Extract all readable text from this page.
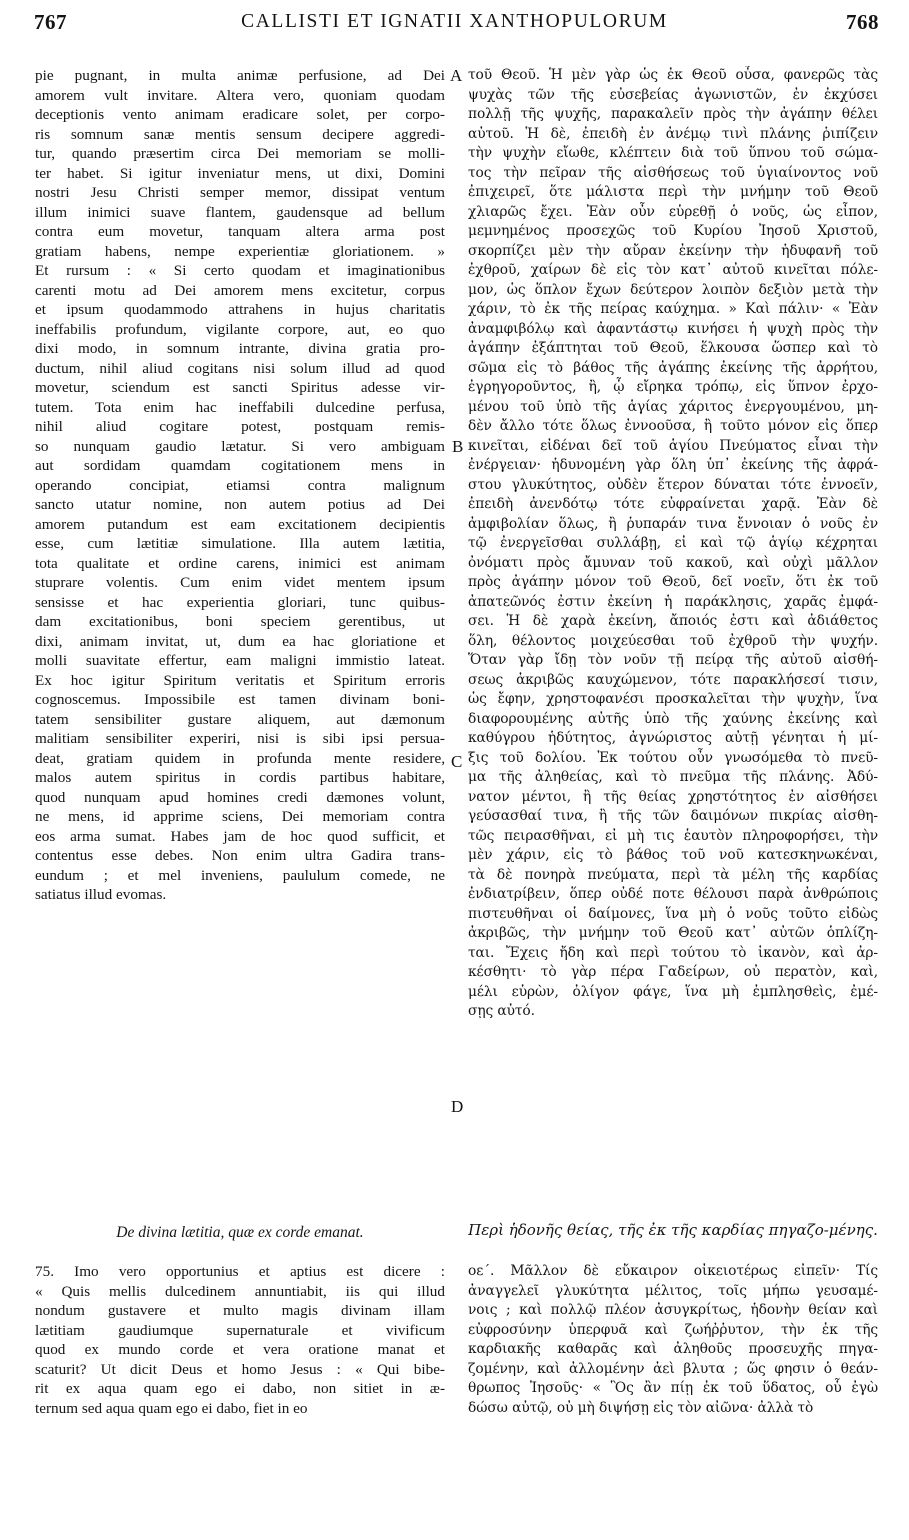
767	CALLISTI ET IGNATII XANTHOPULORUM	768
A
B
C
D
pie pugnant, in multa animæ perfusione, ad Dei
amorem vult invitare. Altera vero, quoniam quodam
deceptionis vento animam eradicare solet, per corpo-
ris somnum sanæ mentis sensum decipere aggredi-
tur, quando præsertim circa Dei memoriam se molli-
ter habet. Si igitur inveniatur mens, ut dixi, Domini
nostri Jesu Christi semper memor, dissipat ventum
illum inimici suave flantem, gaudensque ad bellum
contra eum movetur, tanquam altera arma post
gratiam habens, nempe experientiæ gloriationem. »
Et rursum : « Si certo quodam et imaginationibus
carenti motu ad Dei amorem mens excitetur, corpus
et ipsum quodammodo attrahens in hujus charitatis
ineffabilis profundum, vigilante corpore, aut, eo quo
dixi modo, in somnum intrante, divina gratia pro-
ductum, nihil aliud cogitans nisi solum illud ad quod
movetur, sciendum est sancti Spiritus adesse vir-
tutem. Tota enim hac ineffabili dulcedine perfusa,
nihil aliud cogitare potest, postquam remis-
so nunquam gaudio lætatur. Si vero ambiguam
aut sordidam quamdam cogitationem mens in
operando concipiat, etiamsi contra malignum
sancto utatur nomine, non autem potius ad Dei
amorem putandum est eam excitationem decipientis
esse, cum lætitiæ simulatione. Illa autem lætitia,
tota qualitate et ordine carens, inimici est animam
stuprare volentis. Cum enim videt mentem ipsum
sensisse et hac experientia gloriari, tunc quibus-
dam excitationibus, boni speciem gerentibus, ut
dixi, animam invitat, ut, dum ea hac gloriatione et
molli suavitate effertur, eam maligni immistio lateat.
Ex hoc igitur Spiritum veritatis et Spiritum erroris
cognoscemus. Impossibile est tamen divinam boni-
tatem sensibiliter gustare aliquem, aut dæmonum
malitiam sensibiliter experiri, nisi is sibi ipsi persua-
deat, gratiam quidem in profunda mente residere,
malos autem spiritus in cordis partibus habitare,
quod nunquam apud homines credi dæmones volunt,
ne mens, id apprime sciens, Dei memoriam contra
eos arma sumat. Habes jam de hoc quod sufficit, et
contentus esse debes. Non enim ultra Gadira trans-
eundum ; et mel inveniens, paululum comede, ne
satiatus illud evomas.
De divina lætitia, quæ ex corde emanat.
75. Imo vero opportunius et aptius est dicere :
« Quis mellis dulcedinem annuntiabit, iis qui illud
nondum gustavere et multo magis divinam illam
lætitiam gaudiumque supernaturale et vivificum
quod ex mundo corde et vera oratione manat et
scaturit? Ut dicit Deus et homo Jesus : « Qui bibe-
rit ex aqua quam ego ei dabo, non sitiet in æ-
ternum sed aqua quam ego ei dabo, fiet in eo
τοῦ Θεοῦ. Ἡ μὲν γὰρ ὡς ἐκ Θεοῦ οὖσα, φανερῶς τὰς
ψυχὰς τῶν τῆς εὐσεβείας ἀγωνιστῶν, ἐν ἐκχύσει
πολλῇ τῆς ψυχῆς, παρακαλεῖν πρὸς τὴν ἀγάπην θέλει
αὐτοῦ. Ἡ δὲ, ἐπειδὴ ἐν ἀνέμῳ τινὶ πλάνης ῥιπίζειν
τὴν ψυχὴν εἴωθε, κλέπτειν διὰ τοῦ ὕπνου τοῦ σώμα-
τος τὴν πεῖραν τῆς αἰσθήσεως τοῦ ὑγιαίνοντος νοῦ
ἐπιχειρεῖ, ὅτε μάλιστα περὶ τὴν μνήμην τοῦ Θεοῦ
χλιαρῶς ἔχει. Ἐὰν οὖν εὑρεθῇ ὁ νοῦς, ὡς εἶπον,
μεμνημένος προσεχῶς τοῦ Κυρίου Ἰησοῦ Χριστοῦ,
σκορπίζει μὲν τὴν αὔραν ἐκείνην τὴν ἡδυφανῆ τοῦ
ἐχθροῦ, χαίρων δὲ εἰς τὸν κατ᾽ αὐτοῦ κινεῖται πόλε-
μον, ὡς ὅπλον ἔχων δεύτερον λοιπὸν δεξιὸν μετὰ τὴν
χάριν, τὸ ἐκ τῆς πείρας καύχημα. » Καὶ πάλιν· « Ἐὰν
ἀναμφιβόλῳ καὶ ἀφαντάστῳ κινήσει ἡ ψυχὴ πρὸς τὴν
ἀγάπην ἐξάπτηται τοῦ Θεοῦ, ἕλκουσα ὥσπερ καὶ τὸ
σῶμα εἰς τὸ βάθος τῆς ἀγάπης ἐκείνης τῆς ἀρρήτου,
ἐγρηγοροῦντος, ἢ, ᾧ εἴρηκα τρόπῳ, εἰς ὕπνον ἐρχο-
μένου τοῦ ὑπὸ τῆς ἁγίας χάριτος ἐνεργουμένου, μη-
δὲν ἄλλο τότε ὅλως ἐννοοῦσα, ἢ τοῦτο μόνον εἰς ὅπερ
κινεῖται, εἰδέναι δεῖ τοῦ ἁγίου Πνεύματος εἶναι τὴν
ἐνέργειαν· ἡδυνομένη γὰρ ὅλη ὑπ᾽ ἐκείνης τῆς ἀφρά-
στου γλυκύτητος, οὐδὲν ἕτερον δύναται τότε ἐννοεῖν,
ἐπειδὴ ἀνενδότῳ τότε εὐφραίνεται χαρᾷ. Ἐὰν δὲ
ἀμφιβολίαν ὅλως, ἢ ῥυπαράν τινα ἔννοιαν ὁ νοῦς ἐν
τῷ ἐνεργεῖσθαι συλλάβῃ, εἰ καὶ τῷ ἁγίῳ κέχρηται
ὀνόματι πρὸς ἄμυναν τοῦ κακοῦ, καὶ οὐχὶ μᾶλλον
πρὸς ἀγάπην μόνον τοῦ Θεοῦ, δεῖ νοεῖν, ὅτι ἐκ τοῦ
ἀπατεῶνός ἐστιν ἐκείνη ἡ παράκλησις, χαρᾶς ἐμφά-
σει. Ἡ δὲ χαρὰ ἐκείνη, ἄποιός ἐστι καὶ ἀδιάθετος
ὅλη, θέλοντος μοιχεύεσθαι τοῦ ἐχθροῦ τὴν ψυχήν.
Ὅταν γὰρ ἴδῃ τὸν νοῦν τῇ πείρᾳ τῆς αὐτοῦ αἰσθή-
σεως ἀκριβῶς καυχώμενον, τότε παρακλήσεσί τισιν,
ὡς ἔφην, χρηστοφανέσι προσκαλεῖται τὴν ψυχὴν, ἵνα
διαφορουμένης αὐτῆς ὑπὸ τῆς χαύνης ἐκείνης καὶ
καθύγρου ἡδύτητος, ἀγνώριστος αὐτῇ γένηται ἡ μί-
ξις τοῦ δολίου. Ἐκ τούτου οὖν γνωσόμεθα τὸ πνεῦ-
μα τῆς ἀληθείας, καὶ τὸ πνεῦμα τῆς πλάνης. Ἀδύ-
νατον μέντοι, ἢ τῆς θείας χρηστότητος ἐν αἰσθήσει
γεύσασθαί τινα, ἢ τῆς τῶν δαιμόνων πικρίας αἰσθη-
τῶς πειρασθῆναι, εἰ μὴ τις ἑαυτὸν πληροφορήσει, τὴν
μὲν χάριν, εἰς τὸ βάθος τοῦ νοῦ κατεσκηνωκέναι,
τὰ δὲ πονηρὰ πνεύματα, περὶ τὰ μέλη τῆς καρδίας
ἐνδιατρίβειν, ὅπερ οὐδέ ποτε θέλουσι παρὰ ἀνθρώποις
πιστευθῆναι οἱ δαίμονες, ἵνα μὴ ὁ νοῦς τοῦτο εἰδὼς
ἀκριβῶς, τὴν μνήμην τοῦ Θεοῦ κατ᾽ αὐτῶν ὁπλίζη-
ται. Ἔχεις ἤδη καὶ περὶ τούτου τὸ ἱκανὸν, καὶ ἀρ-
κέσθητι· τὸ γὰρ πέρα Γαδείρων, οὐ περατὸν, καὶ,
μέλι εὑρὼν, ὀλίγον φάγε, ἵνα μὴ ἐμπλησθεὶς, ἐμέ-
σῃς αὐτό.
Περὶ ἡδονῆς θείας, τῆς ἐκ τῆς καρδίας πηγαζο-μένης.
οε΄. Μᾶλλον δὲ εὔκαιρον οἰκειοτέρως εἰπεῖν· Τίς
ἀναγγελεῖ γλυκύτητα μέλιτος, τοῖς μήπω γευσαμέ-
νοις ; καὶ πολλῷ πλέον ἀσυγκρίτως, ἡδονὴν θείαν καὶ
εὐφροσύνην ὑπερφυᾶ καὶ ζωήῤῥυτον, τὴν ἐκ τῆς
καρδιακῆς καθαρᾶς καὶ ἀληθοῦς προσευχῆς πηγα-
ζομένην, καὶ ἀλλομένην ἀεὶ βλυτα ; ὥς φησιν ὁ θεάν-
θρωπος Ἰησοῦς· « Ὃς ἂν πίῃ ἐκ τοῦ ὕδατος, οὗ ἐγὼ
δώσω αὐτῷ, οὐ μὴ διψήσῃ εἰς τὸν αἰῶνα· ἀλλὰ τὸ
